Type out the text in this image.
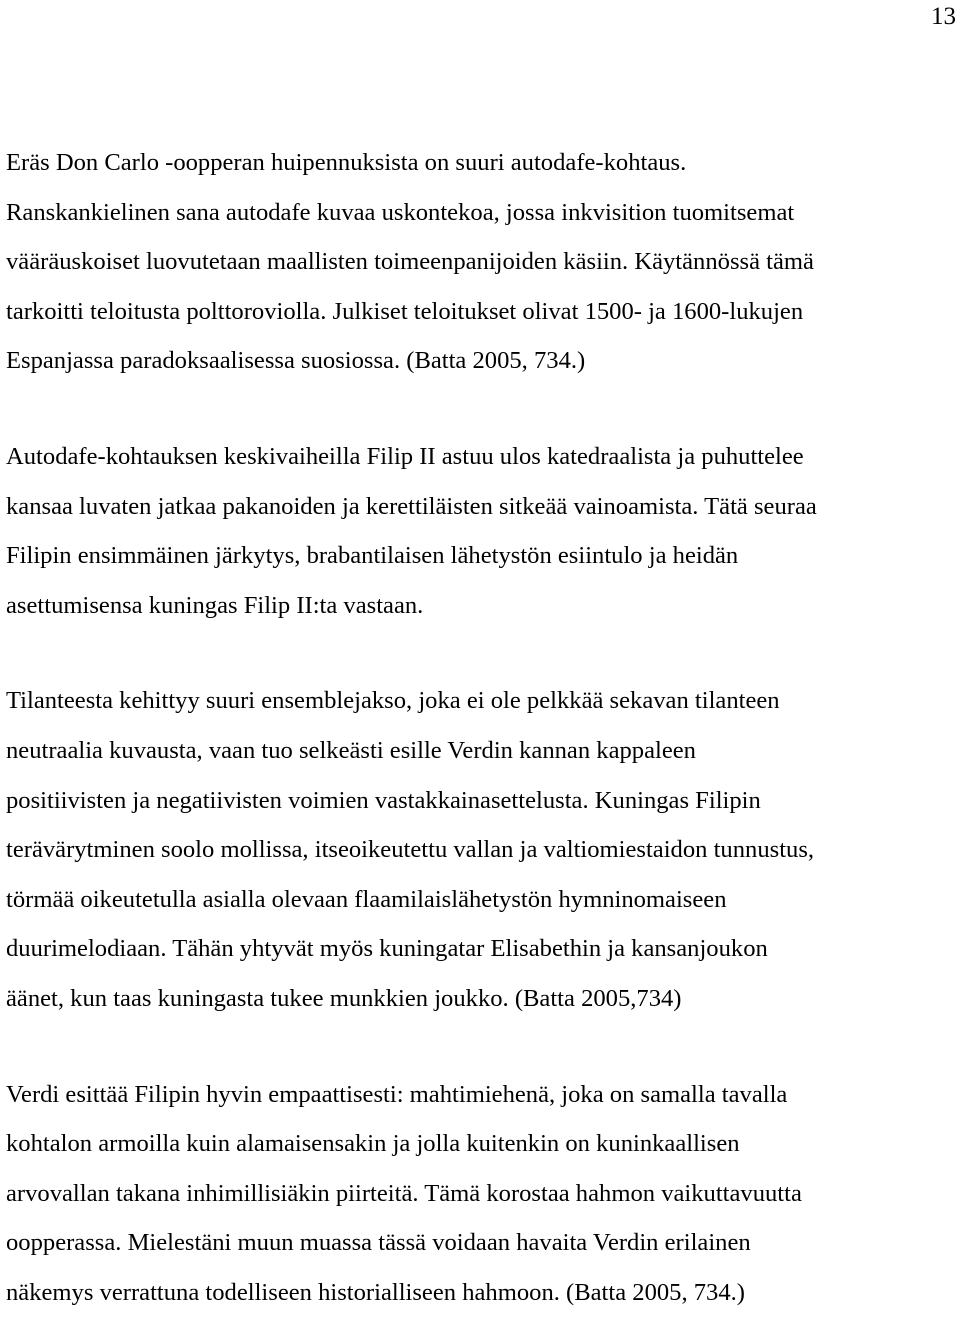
13
Eräs Don Carlo -oopperan huipennuksista on suuri autodafe-kohtaus.
Ranskankielinen sana autodafe kuvaa uskontekoa, jossa inkvisition tuomitsemat
vääräuskoiset luovutetaan maallisten toimeenpanijoiden käsiin. Käytännössä tämä
tarkoitti teloitusta polttoroviolla. Julkiset teloitukset olivat 1500- ja 1600-lukujen
Espanjassa paradoksaalisessa suosiossa. (Batta 2005, 734.)
Autodafe-kohtauksen keskivaiheilla Filip II astuu ulos katedraalista ja puhuttelee
kansaa luvaten jatkaa pakanoiden ja kerettiläisten sitkeää vainoamista. Tätä seuraa
Filipin ensimmäinen järkytys, brabantilaisen lähetystön esiintulo ja heidän
asettumisensa kuningas Filip II:ta vastaan.
Tilanteesta kehittyy suuri ensemblejakso, joka ei ole pelkkää sekavan tilanteen
neutraalia kuvausta, vaan tuo selkeästi esille Verdin kannan kappaleen
positiivisten ja negatiivisten voimien vastakkainasettelusta. Kuningas Filipin
terävärytminen soolo mollissa, itseoikeutettu vallan ja valtiomiestaidon tunnustus,
törmää oikeutetulla asialla olevaan flaamilaislähetystön hymninomaiseen
duurimelodiaan. Tähän yhtyvät myös kuningatar Elisabethin ja kansanjoukon
äänet, kun taas kuningasta tukee munkkien joukko. (Batta 2005,734)
Verdi esittää Filipin hyvin empaattisesti: mahtimiehenä, joka on samalla tavalla
kohtalon armoilla kuin alamaisensakin ja jolla kuitenkin on kuninkaallisen
arvovallan takana inhimillisiäkin piirteitä. Tämä korostaa hahmon vaikuttavuutta
oopperassa. Mielestäni muun muassa tässä voidaan havaita Verdin erilainen
näkemys verrattuna todelliseen historialliseen hahmoon. (Batta 2005, 734.)
